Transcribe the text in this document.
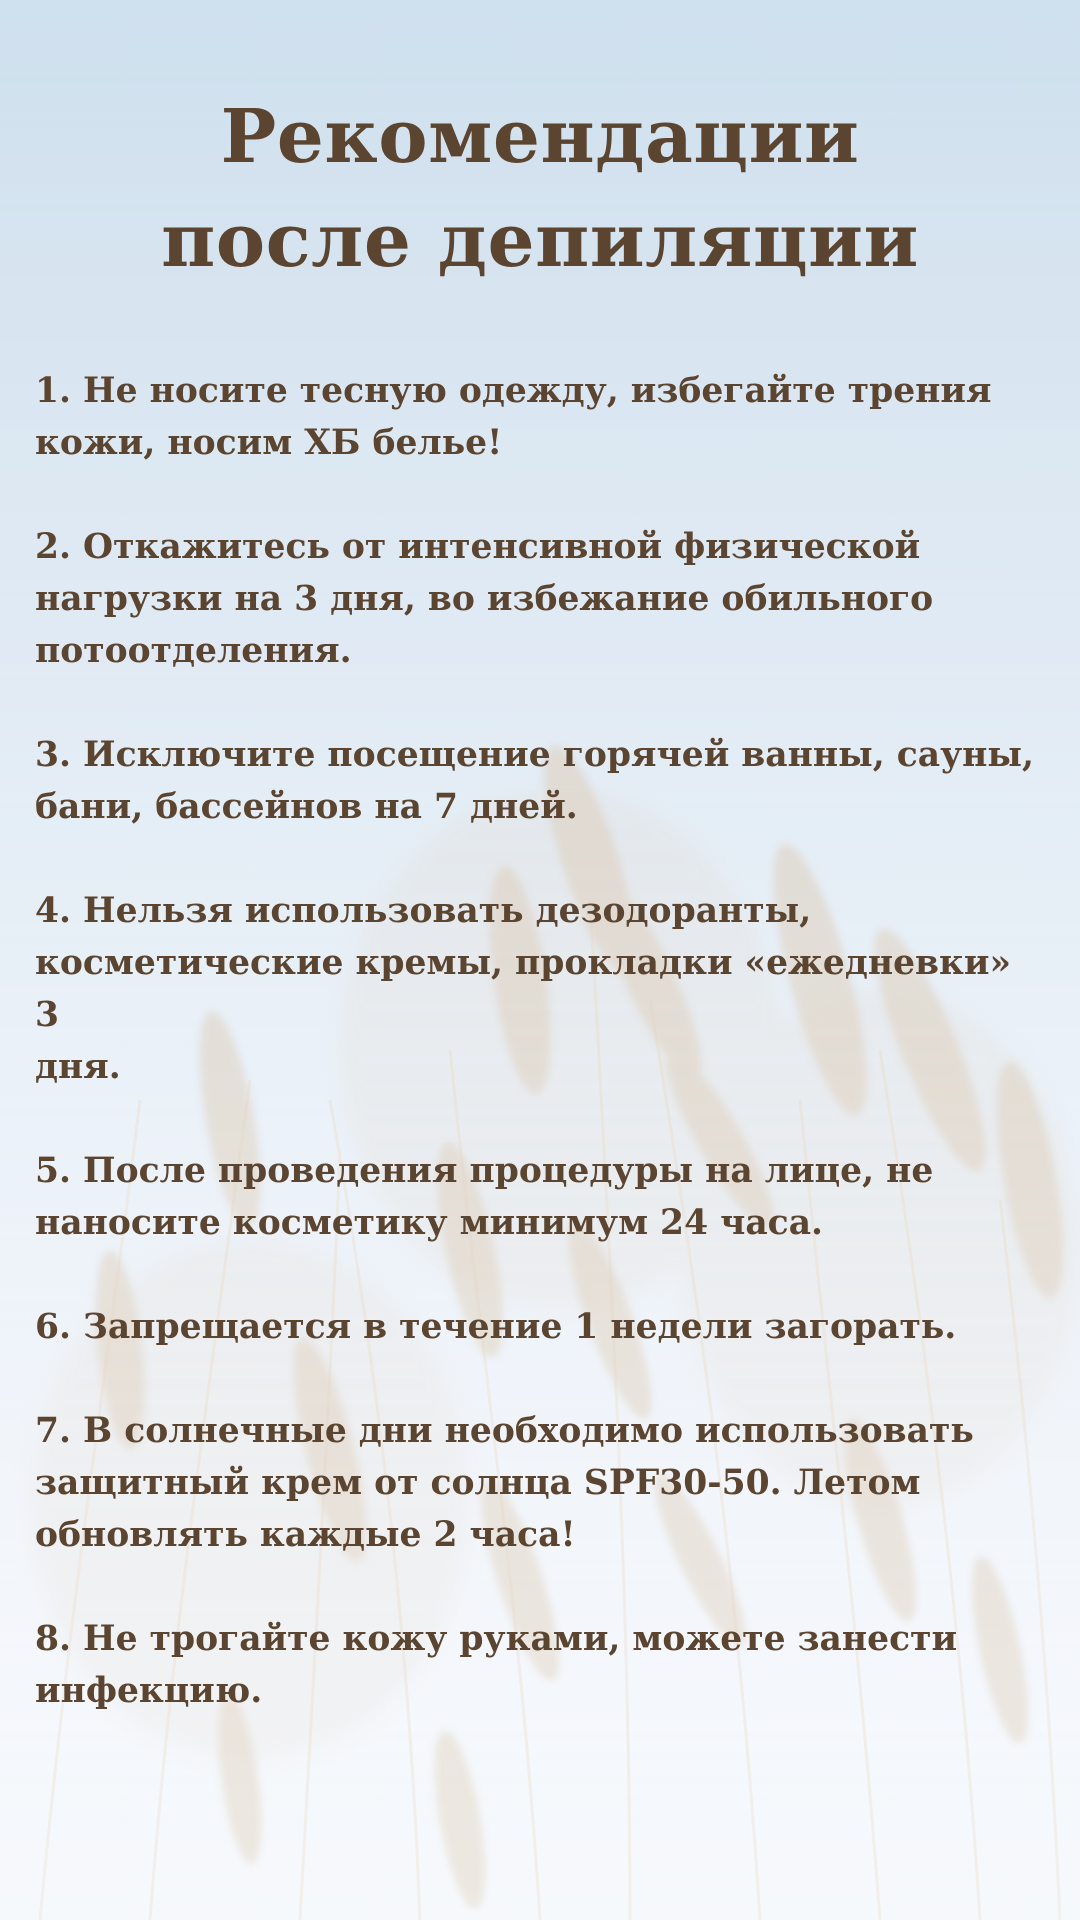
Рекомендации
после депиляции
1. Не носите тесную одежду, избегайте трения
кожи, носим ХБ белье!
2. Откажитесь от интенсивной физической
нагрузки на 3 дня, во избежание обильного
потоотделения.
3. Исключите посещение горячей ванны, сауны,
бани, бассейнов на 7 дней.
4. Нельзя использовать дезодоранты,
косметические кремы, прокладки «ежедневки» 3
дня.
5. После проведения процедуры на лице, не
наносите косметику минимум 24 часа.
6. Запрещается в течение 1 недели загорать.
7. В солнечные дни необходимо использовать
защитный крем от солнца SPF30-50. Летом
обновлять каждые 2 часа!
8. Не трогайте кожу руками, можете занести
инфекцию.
